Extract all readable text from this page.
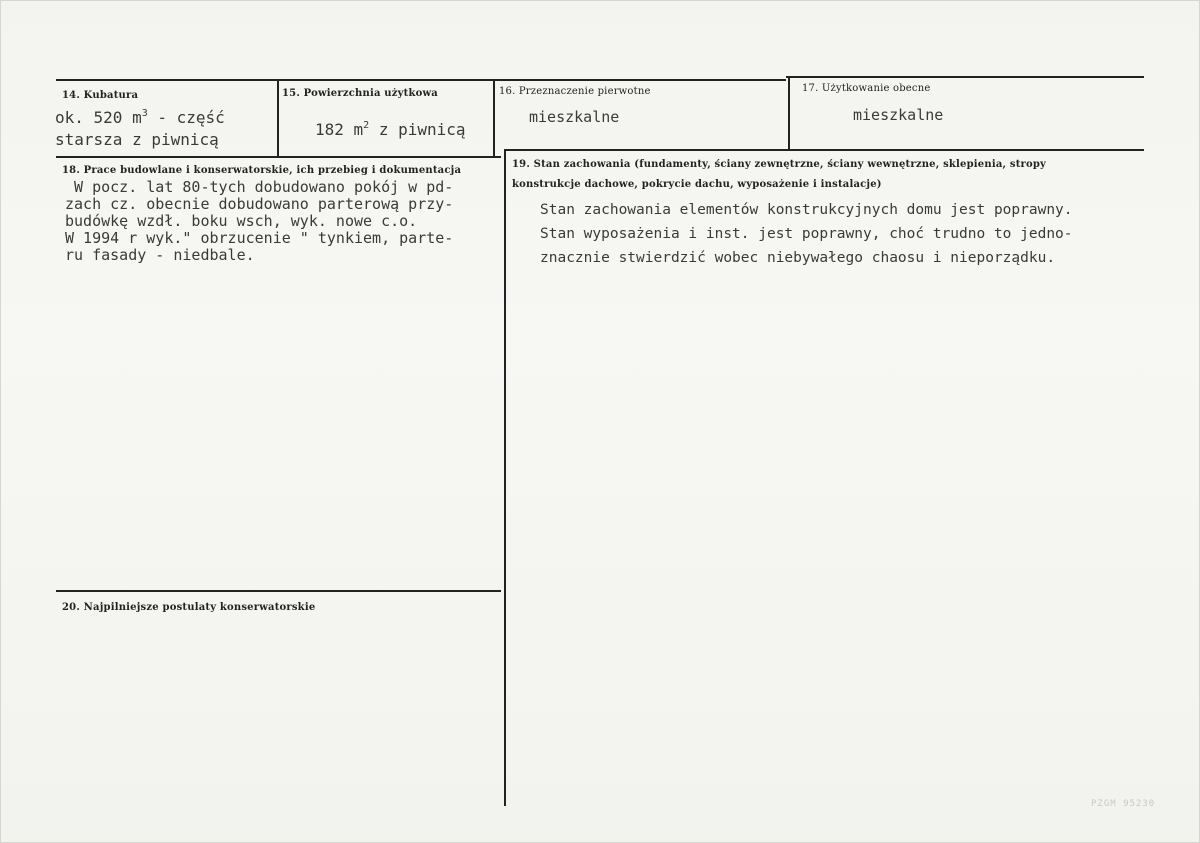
14. Kubatura
ok. 520 $m^3$ - część
starsza z piwnicą
15. Powierzchnia użytkowa
182 $m^2$ z piwnicą
16. Przeznaczenie pierwotne
mieszkalne
17. Użytkowanie obecne
mieszkalne
18. Prace budowlane i konserwatorskie, ich przebieg i dokumentacja
W pocz. lat 80-tych dobudowano pokój w pd-
zach cz. obecnie dobudowano parterową przy-
budówkę wzdł. boku wsch, wyk. nowe c.o.
W 1994 r wyk." obrzucenie " tynkiem, parte-
ru fasady - niedbale.
19. Stan zachowania (fundamenty, ściany zewnętrzne, ściany wewnętrzne, sklepienia, stropy
konstrukcje dachowe, pokrycie dachu, wyposażenie i instalacje)
Stan zachowania elementów konstrukcyjnych domu jest poprawny.
Stan wyposażenia i inst. jest poprawny, choć trudno to jedno-
znacznie stwierdzić wobec niebywałego chaosu i nieporządku.
20. Najpilniejsze postulaty konserwatorskie
PZGM 95230
